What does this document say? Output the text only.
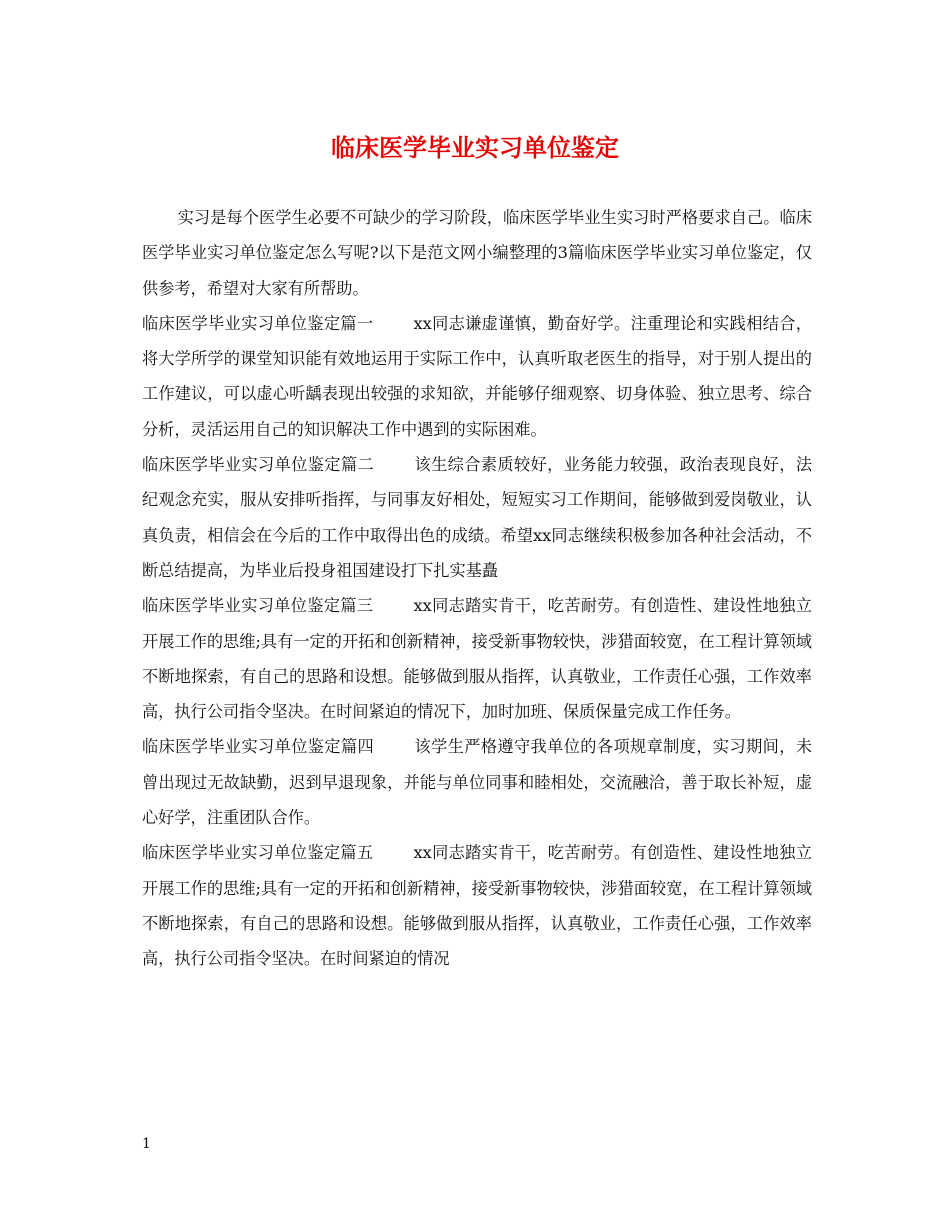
临床医学毕业实习单位鉴定

实习是每个医学生必要不可缺少的学习阶段，临床医学毕业生实习时严格要求自己。临床医学毕业实习单位鉴定怎么写呢?以下是范文网小编整理的3篇临床医学毕业实习单位鉴定，仅供参考，希望对大家有所帮助。

临床医学毕业实习单位鉴定篇一 xx同志谦虚谨慎，勤奋好学。注重理论和实践相结合，将大学所学的课堂知识能有效地运用于实际工作中，认真听取老医生的指导，对于别人提出的工作建议，可以虚心听龋表现出较强的求知欲，并能够仔细观察、切身体验、独立思考、综合分析，灵活运用自己的知识解决工作中遇到的实际困难。

临床医学毕业实习单位鉴定篇二 该生综合素质较好，业务能力较强，政治表现良好，法纪观念充实，服从安排听指挥，与同事友好相处，短短实习工作期间，能够做到爱岗敬业，认真负责，相信会在今后的工作中取得出色的成绩。希望xx同志继续积极参加各种社会活动，不断总结提高，为毕业后投身祖国建设打下扎实基矗

临床医学毕业实习单位鉴定篇三 xx同志踏实肯干，吃苦耐劳。有创造性、建设性地独立开展工作的思维;具有一定的开拓和创新精神，接受新事物较快，涉猎面较宽，在工程计算领域不断地探索，有自己的思路和设想。能够做到服从指挥，认真敬业，工作责任心强，工作效率高，执行公司指令坚决。在时间紧迫的情况下，加时加班、保质保量完成工作任务。

临床医学毕业实习单位鉴定篇四 该学生严格遵守我单位的各项规章制度，实习期间，未曾出现过无故缺勤，迟到早退现象，并能与单位同事和睦相处，交流融洽，善于取长补短，虚心好学，注重团队合作。

临床医学毕业实习单位鉴定篇五 xx同志踏实肯干，吃苦耐劳。有创造性、建设性地独立开展工作的思维;具有一定的开拓和创新精神，接受新事物较快，涉猎面较宽，在工程计算领域不断地探索，有自己的思路和设想。能够做到服从指挥，认真敬业，工作责任心强，工作效率高，执行公司指令坚决。在时间紧迫的情况

1
